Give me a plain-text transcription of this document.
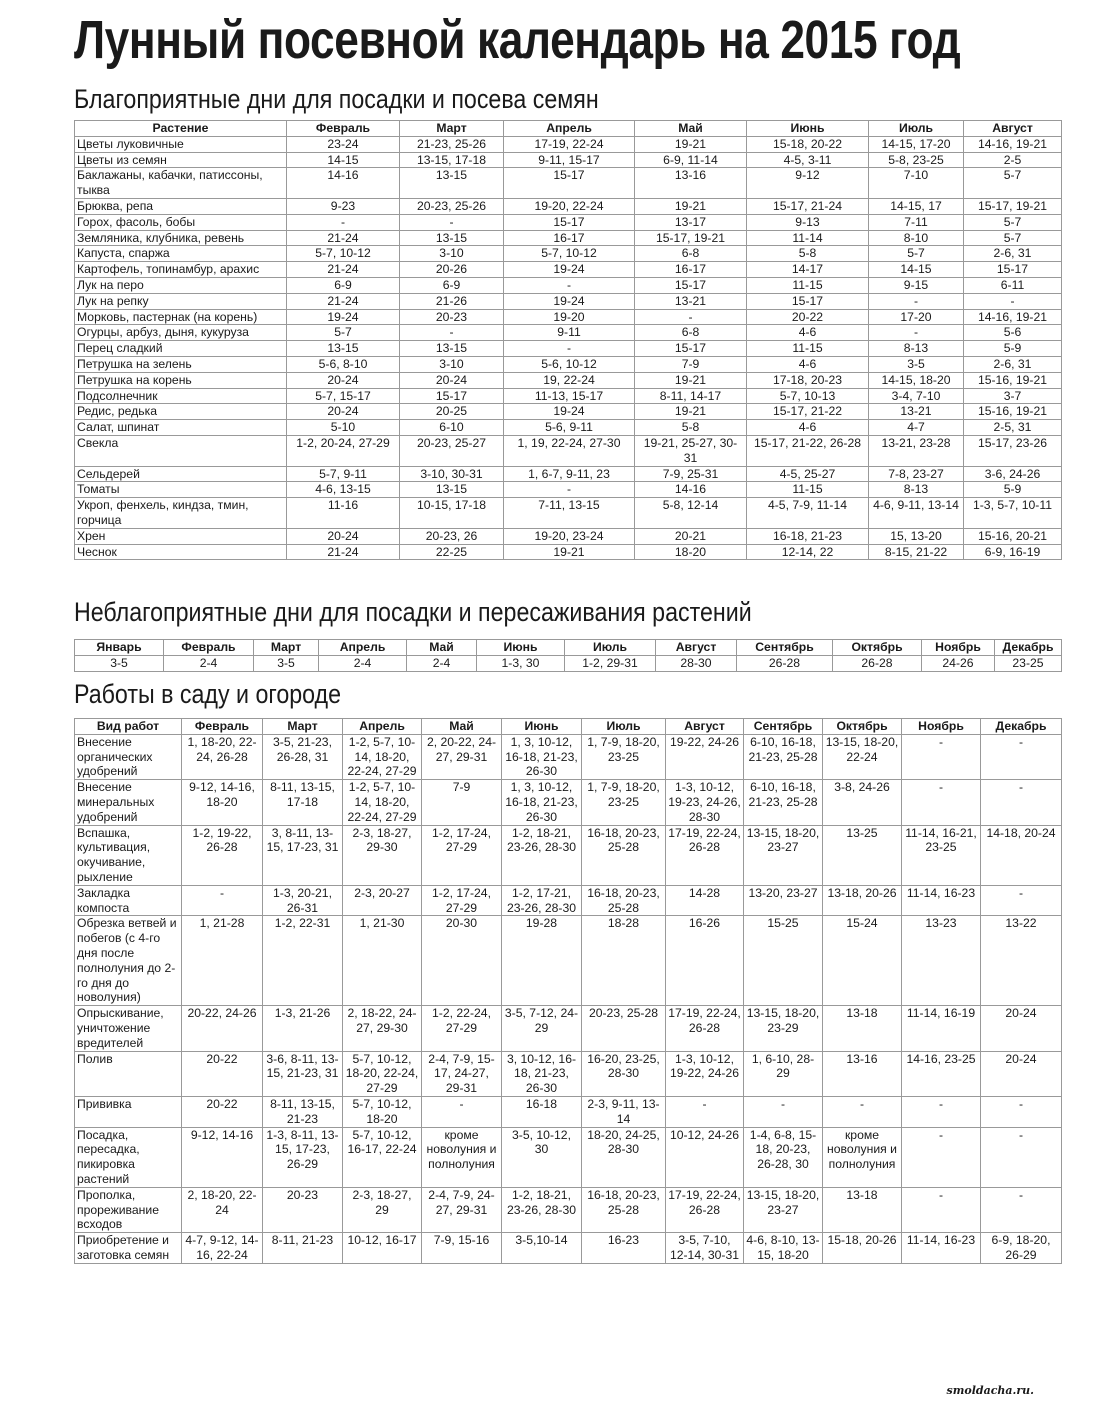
Лунный посевной календарь на 2015 год
Благоприятные дни для посадки и посева семян
Растение	Февраль	Март	Апрель	Май	Июнь	Июль	Август
Цветы луковичные	23-24	21-23, 25-26	17-19, 22-24	19-21	15-18, 20-22	14-15, 17-20	14-16, 19-21
Цветы из семян	14-15	13-15, 17-18	9-11, 15-17	6-9, 11-14	4-5, 3-11	5-8, 23-25	2-5
Баклажаны, кабачки, патиссоны, тыква	14-16	13-15	15-17	13-16	9-12	7-10	5-7
Брюква, репа	9-23	20-23, 25-26	19-20, 22-24	19-21	15-17, 21-24	14-15, 17	15-17, 19-21
Горох, фасоль, бобы	-	-	15-17	13-17	9-13	7-11	5-7
Земляника, клубника, ревень	21-24	13-15	16-17	15-17, 19-21	11-14	8-10	5-7
Капуста, спаржа	5-7, 10-12	3-10	5-7, 10-12	6-8	5-8	5-7	2-6, 31
Картофель, топинамбур, арахис	21-24	20-26	19-24	16-17	14-17	14-15	15-17
Лук на перо	6-9	6-9	-	15-17	11-15	9-15	6-11
Лук на репку	21-24	21-26	19-24	13-21	15-17	-	-
Морковь, пастернак (на корень)	19-24	20-23	19-20	-	20-22	17-20	14-16, 19-21
Огурцы, арбуз, дыня, кукуруза	5-7	-	9-11	6-8	4-6	-	5-6
Перец сладкий	13-15	13-15	-	15-17	11-15	8-13	5-9
Петрушка на зелень	5-6, 8-10	3-10	5-6, 10-12	7-9	4-6	3-5	2-6, 31
Петрушка на корень	20-24	20-24	19, 22-24	19-21	17-18, 20-23	14-15, 18-20	15-16, 19-21
Подсолнечник	5-7, 15-17	15-17	11-13, 15-17	8-11, 14-17	5-7, 10-13	3-4, 7-10	3-7
Редис, редька	20-24	20-25	19-24	19-21	15-17, 21-22	13-21	15-16, 19-21
Салат, шпинат	5-10	6-10	5-6, 9-11	5-8	4-6	4-7	2-5, 31
Свекла	1-2, 20-24, 27-29	20-23, 25-27	1, 19, 22-24, 27-30	19-21, 25-27, 30-31	15-17, 21-22, 26-28	13-21, 23-28	15-17, 23-26
Сельдерей	5-7, 9-11	3-10, 30-31	1, 6-7, 9-11, 23	7-9, 25-31	4-5, 25-27	7-8, 23-27	3-6, 24-26
Томаты	4-6, 13-15	13-15	-	14-16	11-15	8-13	5-9
Укроп, фенхель, киндза, тмин, горчица	11-16	10-15, 17-18	7-11, 13-15	5-8, 12-14	4-5, 7-9, 11-14	4-6, 9-11, 13-14	1-3, 5-7, 10-11
Хрен	20-24	20-23, 26	19-20, 23-24	20-21	16-18, 21-23	15, 13-20	15-16, 20-21
Чеснок	21-24	22-25	19-21	18-20	12-14, 22	8-15, 21-22	6-9, 16-19
Неблагоприятные дни для посадки и пересаживания растений
Январь	Февраль	Март	Апрель	Май	Июнь	Июль	Август	Сентябрь	Октябрь	Ноябрь	Декабрь
3-5	2-4	3-5	2-4	2-4	1-3, 30	1-2, 29-31	28-30	26-28	26-28	24-26	23-25
Работы в саду и огороде
Вид работ	Февраль	Март	Апрель	Май	Июнь	Июль	Август	Сентябрь	Октябрь	Ноябрь	Декабрь
Внесение органических удобрений	1, 18-20, 22-24, 26-28	3-5, 21-23, 26-28, 31	1-2, 5-7, 10-14, 18-20, 22-24, 27-29	2, 20-22, 24-27, 29-31	1, 3, 10-12, 16-18, 21-23, 26-30	1, 7-9, 18-20, 23-25	19-22, 24-26	6-10, 16-18, 21-23, 25-28	13-15, 18-20, 22-24	-	-
Внесение минеральных удобрений	9-12, 14-16, 18-20	8-11, 13-15, 17-18	1-2, 5-7, 10-14, 18-20, 22-24, 27-29	7-9	1, 3, 10-12, 16-18, 21-23, 26-30	1, 7-9, 18-20, 23-25	1-3, 10-12, 19-23, 24-26, 28-30	6-10, 16-18, 21-23, 25-28	3-8, 24-26	-	-
Вспашка, культивация, окучивание, рыхление	1-2, 19-22, 26-28	3, 8-11, 13-15, 17-23, 31	2-3, 18-27, 29-30	1-2, 17-24, 27-29	1-2, 18-21, 23-26, 28-30	16-18, 20-23, 25-28	17-19, 22-24, 26-28	13-15, 18-20, 23-27	13-25	11-14, 16-21, 23-25	14-18, 20-24
Закладка компоста	-	1-3, 20-21, 26-31	2-3, 20-27	1-2, 17-24, 27-29	1-2, 17-21, 23-26, 28-30	16-18, 20-23, 25-28	14-28	13-20, 23-27	13-18, 20-26	11-14, 16-23	-
Обрезка ветвей и побегов (с 4-го дня после полнолуния до 2-го дня до новолуния)	1, 21-28	1-2, 22-31	1, 21-30	20-30	19-28	18-28	16-26	15-25	15-24	13-23	13-22
Опрыскивание, уничтожение вредителей	20-22, 24-26	1-3, 21-26	2, 18-22, 24-27, 29-30	1-2, 22-24, 27-29	3-5, 7-12, 24-29	20-23, 25-28	17-19, 22-24, 26-28	13-15, 18-20, 23-29	13-18	11-14, 16-19	20-24
Полив	20-22	3-6, 8-11, 13-15, 21-23, 31	5-7, 10-12, 18-20, 22-24, 27-29	2-4, 7-9, 15-17, 24-27, 29-31	3, 10-12, 16-18, 21-23, 26-30	16-20, 23-25, 28-30	1-3, 10-12, 19-22, 24-26	1, 6-10, 28-29	13-16	14-16, 23-25	20-24
Прививка	20-22	8-11, 13-15, 21-23	5-7, 10-12, 18-20	-	16-18	2-3, 9-11, 13-14	-	-	-	-	-
Посадка, пересадка, пикировка растений	9-12, 14-16	1-3, 8-11, 13-15, 17-23, 26-29	5-7, 10-12, 16-17, 22-24	кроме новолуния и полнолуния	3-5, 10-12, 30	18-20, 24-25, 28-30	10-12, 24-26	1-4, 6-8, 15-18, 20-23, 26-28, 30	кроме новолуния и полнолуния	-	-
Прополка, прореживание всходов	2, 18-20, 22-24	20-23	2-3, 18-27, 29	2-4, 7-9, 24-27, 29-31	1-2, 18-21, 23-26, 28-30	16-18, 20-23, 25-28	17-19, 22-24, 26-28	13-15, 18-20, 23-27	13-18	-	-
Приобретение и заготовка семян	4-7, 9-12, 14-16, 22-24	8-11, 21-23	10-12, 16-17	7-9, 15-16	3-5,10-14	16-23	3-5, 7-10, 12-14, 30-31	4-6, 8-10, 13-15, 18-20	15-18, 20-26	11-14, 16-23	6-9, 18-20, 26-29
smoldacha.ru.
